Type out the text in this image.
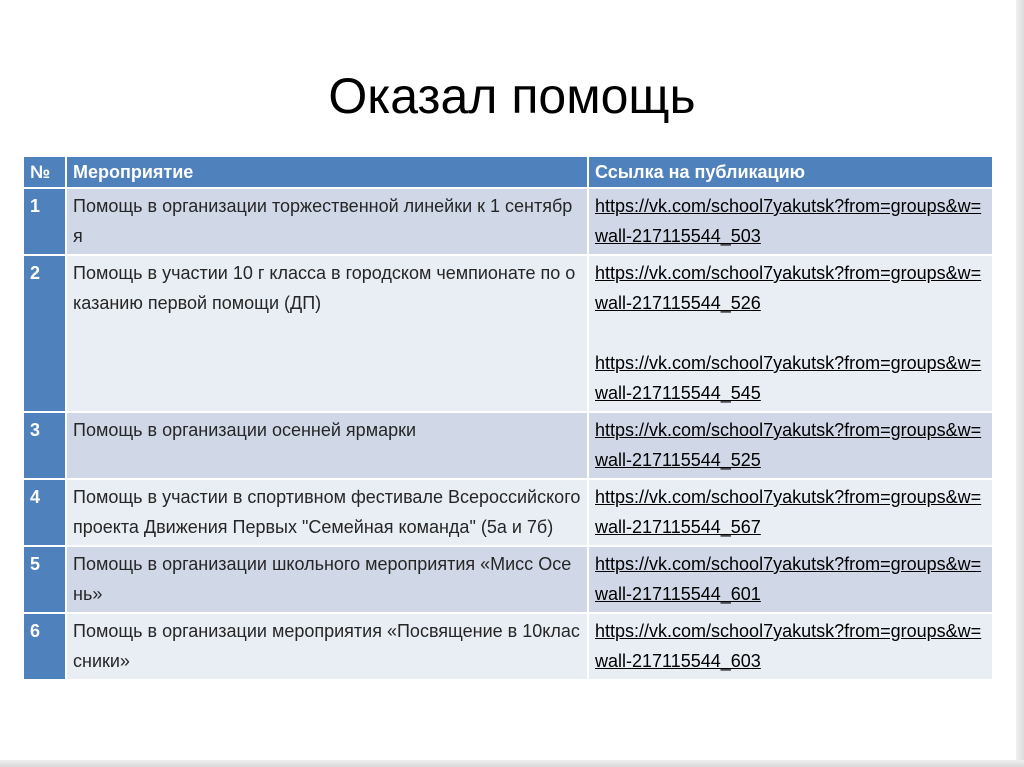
Оказал помощь
№	Мероприятие	Ссылка на публикацию
1	Помощь в организации торжественной линейки к 1 сентября	https://vk.com/school7yakutsk?from=groups&w=wall-217115544_503

2	Помощь в участии 10 г класса в городском чемпионате по оказанию первой помощи (ДП)	https://vk.com/school7yakutsk?from=groups&w=wall-217115544_526
https://vk.com/school7yakutsk?from=groups&w=wall-217115544_545

3	Помощь в организации осенней ярмарки	https://vk.com/school7yakutsk?from=groups&w=wall-217115544_525

4	Помощь в участии в спортивном фестивале Всероссийского проекта Движения Первых "Семейная команда" (5а и 7б)	https://vk.com/school7yakutsk?from=groups&w=wall-217115544_567

5	Помощь в организации школьного мероприятия «Мисс Осень»	https://vk.com/school7yakutsk?from=groups&w=wall-217115544_601

6	Помощь в организации мероприятия «Посвящение в 10классники»	https://vk.com/school7yakutsk?from=groups&w=wall-217115544_603
